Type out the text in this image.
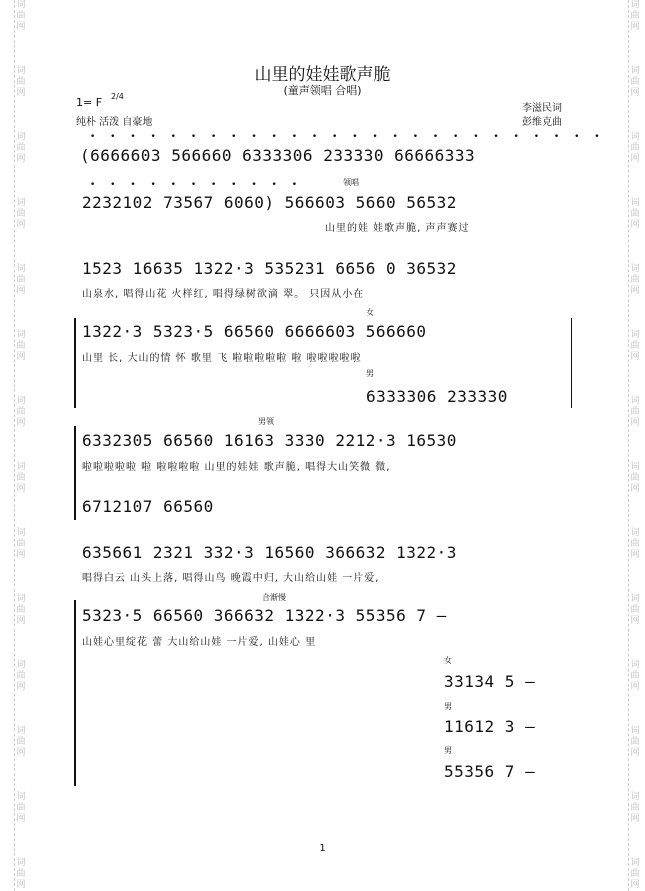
词
曲
网
词
曲
网
词
曲
网
词
曲
网
词
曲
网
词
曲
网
词
曲
网
词
曲
网
词
曲
网
词
曲
网
词
曲
网
词
曲
网
词
曲
网
词
曲
网
词
曲
网
词
曲
网
词
曲
网
词
曲
网
词
曲
网
词
曲
网
词
曲
网
词
曲
网
词
曲
网
词
曲
网
词
曲
网
词
曲
网
词
曲
网
词
曲
网
山里的娃娃歌声脆
(童声领唱 合唱)
1= F 2/4
纯朴 活泼 自豪地
李滋民词
彭维克曲
• • • • • • • • • • • • • • • • • • • • • • • • • •
(6666603 566660 6333306 233330 66666333
• • • • • • • • • • •	领唱
2232102 73567 6060) 566603 5660 56532
山里的娃 娃歌声脆, 声声赛过
1523 16635 1322·3 535231 6656 0 36532
山泉水, 唱得山花 火样红, 唱得绿树欲滴 翠。 只因从小在
女
1322·3 5323·5 66560 6666603 566660
山里 长, 大山的情 怀 歌里 飞 啦啦啦啦啦 啦 啦啦啦啦啦
男
6333306 233330
男领
6332305 66560 16163 3330 2212·3 16530
啦啦啦啦啦 啦 啦啦啦啦 山里的娃娃 歌声脆, 唱得大山笑微 微,
6712107 66560
635661 2321 332·3 16560 366632 1322·3
唱得白云 山头上落, 唱得山鸟 晚霞中归, 大山给山娃 一片爱,
合渐慢
5323·5 66560 366632 1322·3 55356 7 —
山娃心里绽花 蕾 大山给山娃 一片爱, 山娃心 里
女
33134 5 —
男
11612 3 —
男
55356 7 —
1
